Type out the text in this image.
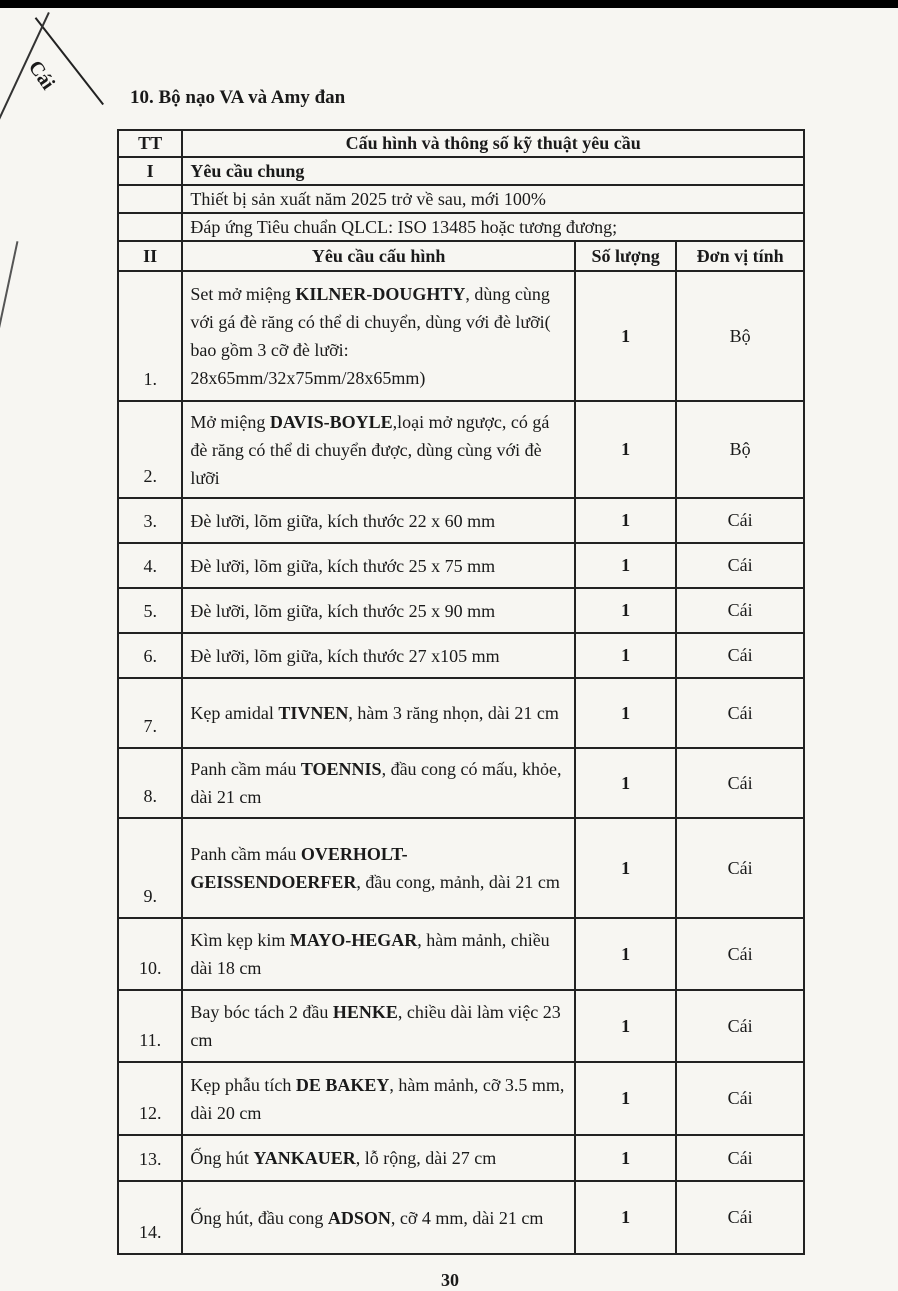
Cái
10. Bộ nạo VA và Amy đan
TT	Cấu hình và thông số kỹ thuật yêu cầu		
I	Yêu cầu chung		
	Thiết bị sản xuất năm 2025 trở về sau, mới 100%		
	Đáp ứng Tiêu chuẩn QLCL: ISO 13485 hoặc tương đương;		
II	Yêu cầu cấu hình	Số lượng	Đơn vị tính
1.	Set mở miệng KILNER-DOUGHTY, dùng cùng với gá đè răng có thể di chuyển, dùng với đè lưỡi( bao gồm 3 cỡ đè lưỡi: 28x65mm/32x75mm/28x65mm)	1	Bộ
2.	Mở miệng DAVIS-BOYLE,loại mở ngược, có gá đè răng có thể di chuyển được, dùng cùng với đè lưỡi	1	Bộ
3.	Đè lưỡi, lõm giữa, kích thước 22 x 60 mm	1	Cái
4.	Đè lưỡi, lõm giữa, kích thước 25 x 75 mm	1	Cái
5.	Đè lưỡi, lõm giữa, kích thước 25 x 90 mm	1	Cái
6.	Đè lưỡi, lõm giữa, kích thước 27 x105 mm	1	Cái
7.	Kẹp amidal TIVNEN, hàm 3 răng nhọn, dài 21 cm	1	Cái
8.	Panh cầm máu TOENNIS, đầu cong có mấu, khỏe, dài 21 cm	1	Cái
9.	Panh cầm máu OVERHOLT-GEISSENDOERFER, đầu cong, mảnh, dài 21 cm	1	Cái
10.	Kìm kẹp kim MAYO-HEGAR, hàm mảnh, chiều dài 18 cm	1	Cái
11.	Bay bóc tách 2 đầu HENKE, chiều dài làm việc 23 cm	1	Cái
12.	Kẹp phẫu tích DE BAKEY, hàm mảnh, cỡ 3.5 mm, dài 20 cm	1	Cái
13.	Ống hút YANKAUER, lỗ rộng, dài 27 cm	1	Cái
14.	Ống hút, đầu cong ADSON, cỡ 4 mm, dài 21 cm	1	Cái
30
